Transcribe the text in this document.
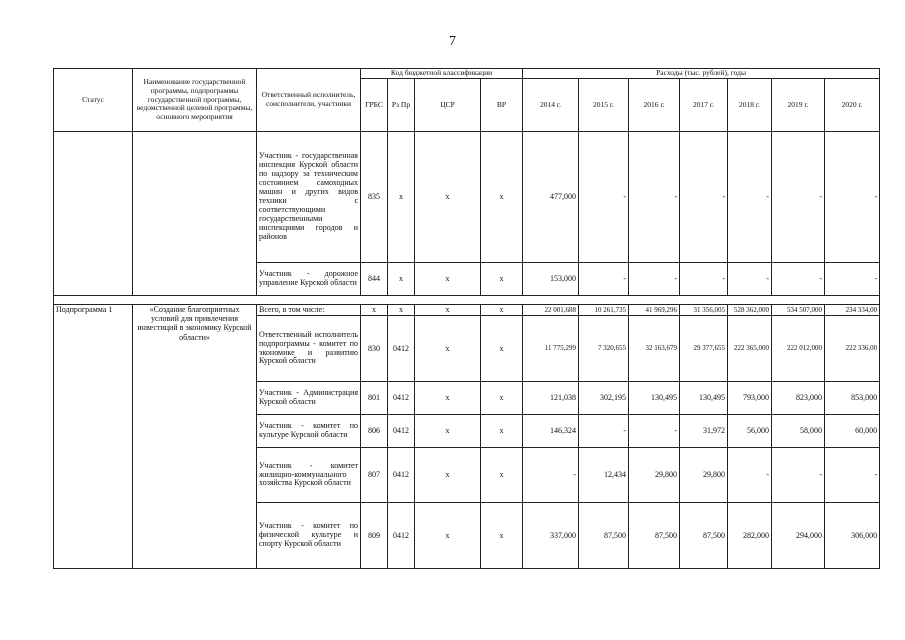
7
Статус	Наименование государственной программы, подпрограммы государственной программы, ведомственной целевой программы, основного мероприятия	Ответственный исполнитель, соисполнители, участники	Код бюджетной классификации				Расходы (тыс. рублей), годы						
			ГРБС	Рз Пр	ЦСР	ВР	2014 г.	2015 г.	2016 г.	2017 г.	2018 г.	2019 г.	2020 г.
		Участник - государственная инспекция Курской области по надзору за техническим состоянием самоходных машин и других видов техники с соответствующими государственными инспекциями городов и районов	835	x	x	x	477,000	-	-	-	-	-	-
		Участник - дорожное управление Курской области	844	x	x	x	153,000	-	-	-	-	-	-

Подпрограмма 1	«Создание благоприятных условий для привлечения инвестиций в экономику Курской области»	Всего, в том числе:	x	x	x	x	22 001,688	10 261,735	41 969,296	31 356,005	528 362,000	534 507,000	234 334,00
		Ответственный исполнитель подпрограммы - комитет по экономике и развитию Курской области	830	0412	x	x	11 775,299	7 320,655	32 163,679	29 377,655	222 365,000	222 012,000	222 336,00
		Участник - Администрация Курской области	801	0412	x	x	121,038	302,195	130,495	130,495	793,000	823,000	853,000
		Участник - комитет по культуре Курской области	806	0412	x	x	146,324	-	-	31,972	56,000	58,000	60,000
		Участник - комитет жилищно-коммунального хозяйства Курской области	807	0412	x	x	-	12,434	29,800	29,800	-	-	-
		Участник - комитет по физической культуре и спорту Курской области	809	0412	x	x	337,000	87,500	87,500	87,500	282,000	294,000	306,000
